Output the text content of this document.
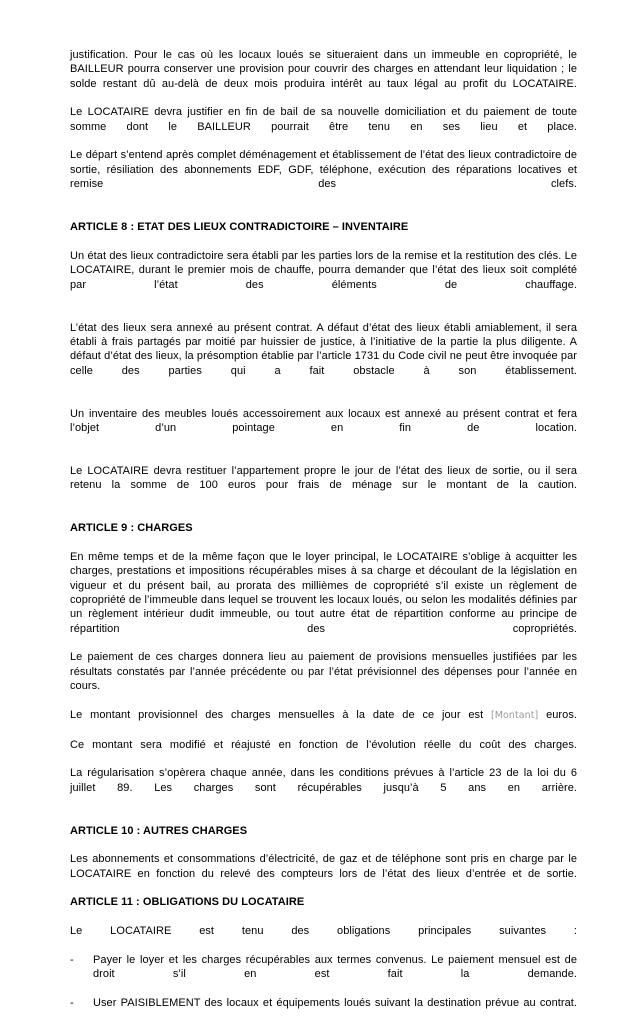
justification. Pour le cas où les locaux loués se situeraient dans un immeuble en copropriété, le BAILLEUR pourra conserver une provision pour couvrir des charges en attendant leur liquidation ; le solde restant dû au-delà de deux mois produira intérêt au taux légal au profit du LOCATAIRE.

Le LOCATAIRE devra justifier en fin de bail de sa nouvelle domiciliation et du paiement de toute somme dont le BAILLEUR pourrait être tenu en ses lieu et place.

Le départ s’entend après complet déménagement et établissement de l’état des lieux contradictoire de sortie, résiliation des abonnements EDF, GDF, téléphone, exécution des réparations locatives et remise des clefs.

ARTICLE 8 : ETAT DES LIEUX CONTRADICTOIRE – INVENTAIRE

Un état des lieux contradictoire sera établi par les parties lors de la remise et la restitution des clés. Le LOCATAIRE, durant le premier mois de chauffe, pourra demander que l’état des lieux soit complété par l’état des éléments de chauffage.

L’état des lieux sera annexé au présent contrat. A défaut d’état des lieux établi amiablement, il sera établi à frais partagés par moitié par huissier de justice, à l’initiative de la partie la plus diligente. A défaut d’état des lieux, la présomption établie par l’article 1731 du Code civil ne peut être invoquée par celle des parties qui a fait obstacle à son établissement.

Un inventaire des meubles loués accessoirement aux locaux est annexé au présent contrat et fera l’objet d’un pointage en fin de location.

Le LOCATAIRE devra restituer l’appartement propre le jour de l’état des lieux de sortie, ou il sera retenu la somme de 100 euros pour frais de ménage sur le montant de la caution.

ARTICLE 9 : CHARGES

En même temps et de la même façon que le loyer principal, le LOCATAIRE s’oblige à acquitter les charges, prestations et impositions récupérables mises à sa charge et découlant de la législation en vigueur et du présent bail, au prorata des millièmes de copropriété s’il existe un règlement de copropriété de l’immeuble dans lequel se trouvent les locaux loués, ou selon les modalités définies par un règlement intérieur dudit immeuble, ou tout autre état de répartition conforme au principe de répartition des copropriétés.

Le paiement de ces charges donnera lieu au paiement de provisions mensuelles justifiées par les résultats constatés par l’année précédente ou par l’état prévisionnel des dépenses pour l’année en cours.

Le montant provisionnel des charges mensuelles à la date de ce jour est [Montant] euros.

Ce montant sera modifié et réajusté en fonction de l’évolution réelle du coût des charges.

La régularisation s’opèrera chaque année, dans les conditions prévues à l’article 23 de la loi du 6 juillet 89. Les charges sont récupérables jusqu’à 5 ans en arrière.

ARTICLE 10 : AUTRES CHARGES

Les abonnements et consommations d’électricité, de gaz et de téléphone sont pris en charge par le LOCATAIRE en fonction du relevé des compteurs lors de l’état des lieux d’entrée et de sortie.

ARTICLE 11 : OBLIGATIONS DU LOCATAIRE

Le LOCATAIRE est tenu des obligations principales suivantes :

- Payer le loyer et les charges récupérables aux termes convenus. Le paiement mensuel est de droit s’il en est fait la demande.
- User PAISIBLEMENT des locaux et équipements loués suivant la destination prévue au contrat.
